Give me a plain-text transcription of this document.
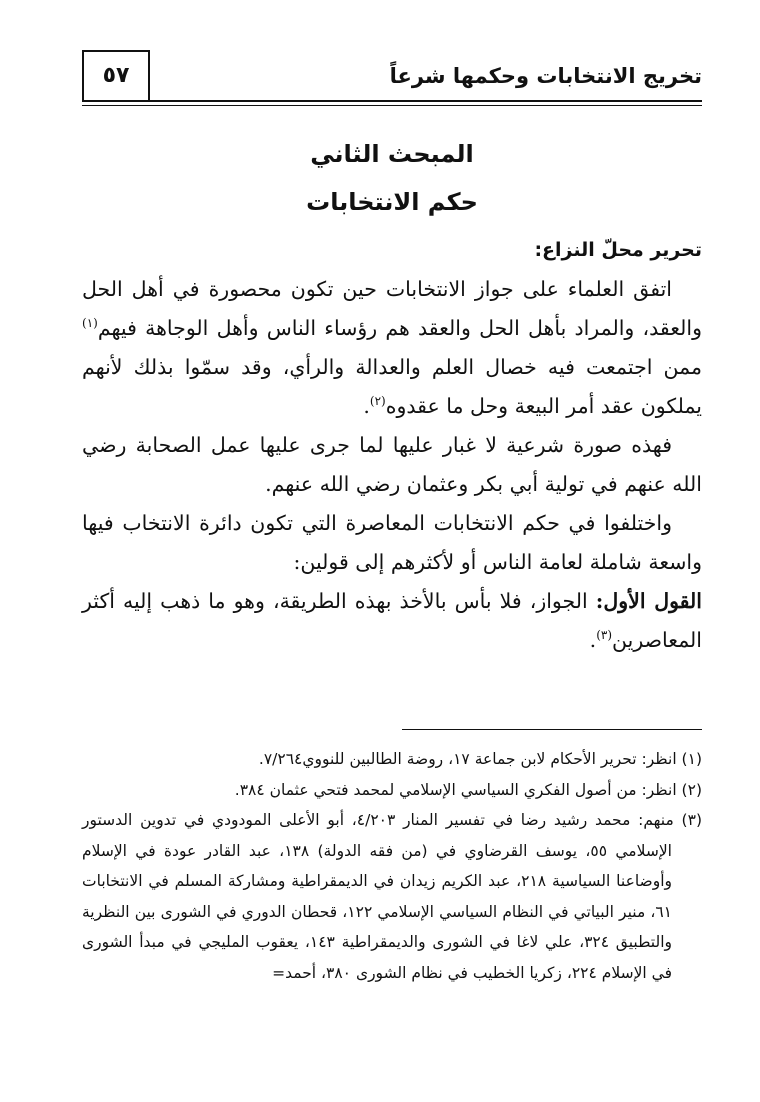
تخريج الانتخابات وحكمها شرعاً
٥٧
المبحث الثاني
حكم الانتخابات

تحرير محلّ النزاع:

اتفق العلماء على جواز الانتخابات حين تكون محصورة في أهل الحل والعقد، والمراد بأهل الحل والعقد هم رؤساء الناس وأهل الوجاهة فيهم$^{(١)}$ ممن اجتمعت فيه خصال العلم والعدالة والرأي، وقد سمّوا بذلك لأنهم يملكون عقد أمر البيعة وحل ما عقدوه$^{(٢)}$.

فهذه صورة شرعية لا غبار عليها لما جرى عليها عمل الصحابة رضي الله عنهم في تولية أبي بكر وعثمان رضي الله عنهم.

واختلفوا في حكم الانتخابات المعاصرة التي تكون دائرة الانتخاب فيها واسعة شاملة لعامة الناس أو لأكثرهم إلى قولين:

القول الأول: الجواز، فلا بأس بالأخذ بهذه الطريقة، وهو ما ذهب إليه أكثر المعاصرين$^{(٣)}$.

(١) انظر: تحرير الأحكام لابن جماعة ١٧، روضة الطالبين للنووي٧/٢٦٤.

(٢) انظر: من أصول الفكري السياسي الإسلامي لمحمد فتحي عثمان ٣٨٤.

(٣) منهم: محمد رشيد رضا في تفسير المنار ٤/٢٠٣، أبو الأعلى المودودي في تدوين الدستور الإسلامي ٥٥، يوسف القرضاوي في (من فقه الدولة) ١٣٨، عبد القادر عودة في الإسلام وأوضاعنا السياسية ٢١٨، عبد الكريم زيدان في الديمقراطية ومشاركة المسلم في الانتخابات ٦١، منير البياتي في النظام السياسي الإسلامي ١٢٢، قحطان الدوري في الشورى بين النظرية والتطبيق ٣٢٤، علي لاغا في الشورى والديمقراطية ١٤٣، يعقوب المليجي في مبدأ الشورى في الإسلام ٢٢٤، زكريا الخطيب في نظام الشورى ٣٨٠، أحمد=
